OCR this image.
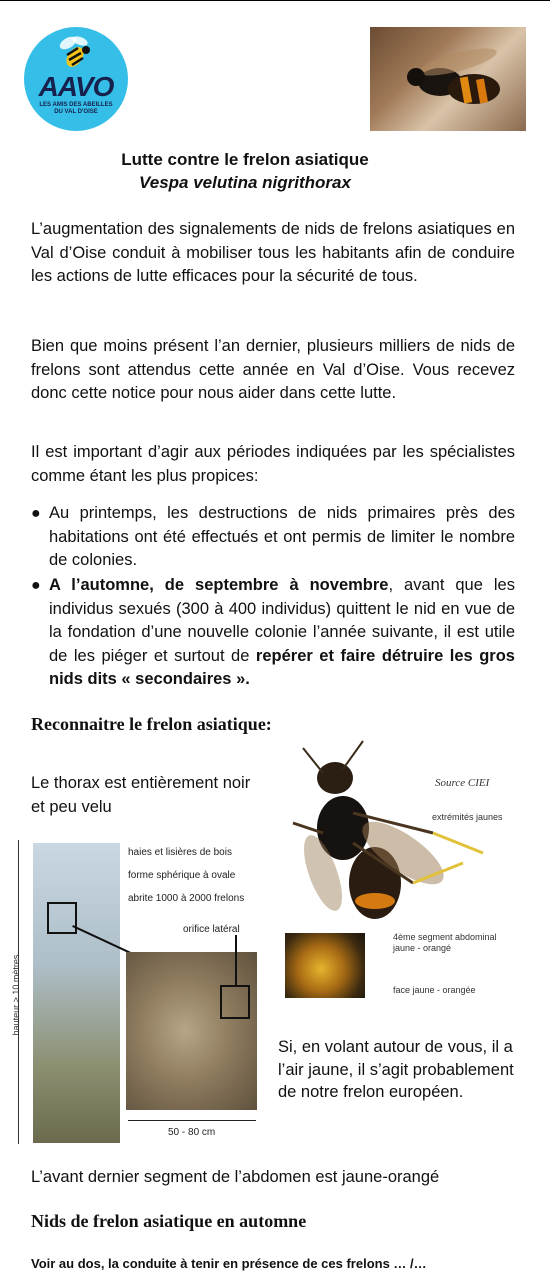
AAVO
LES AMIS DES ABEILLES DU VAL D'OISE
Lutte contre le frelon asiatique
Vespa velutina nigrithorax

L’augmentation des signalements de nids de frelons asiatiques en Val d’Oise conduit à mobiliser tous les habitants afin de conduire les actions de lutte efficaces pour la sécurité de tous.

Bien que moins présent l’an dernier, plusieurs milliers de nids de frelons sont attendus cette année en Val d’Oise. Vous recevez donc cette notice pour nous aider dans cette lutte.

Il est important d’agir aux périodes indiquées par les spécialistes comme étant les plus propices:

● Au printemps, les destructions de nids primaires près des habitations ont été effectués et ont permis de limiter le nombre de colonies.
● A l’automne, de septembre à novembre, avant que les individus sexués (300 à 400 individus) quittent le nid en vue de la fondation d’une nouvelle colonie l’année suivante, il est utile de les piéger et surtout de repérer et faire détruire les gros nids dits « secondaires ».
Reconnaitre le frelon asiatique:
Le thorax est entièrement noir et peu velu
hauteur > 10 mètres
haies et lisières de bois
forme sphérique à ovale
abrite 1000 à 2000 frelons
orifice latéral
50 - 80 cm
Source CIEI
extrémités jaunes
4ème segment abdominal jaune - orangé
face jaune - orangée
Si, en volant autour de vous, il a l’air jaune, il s’agit probablement de notre frelon européen.
L’avant dernier segment de l’abdomen est jaune-orangé
Nids de frelon asiatique en automne
Voir au dos, la conduite à tenir en présence de ces frelons … /…
